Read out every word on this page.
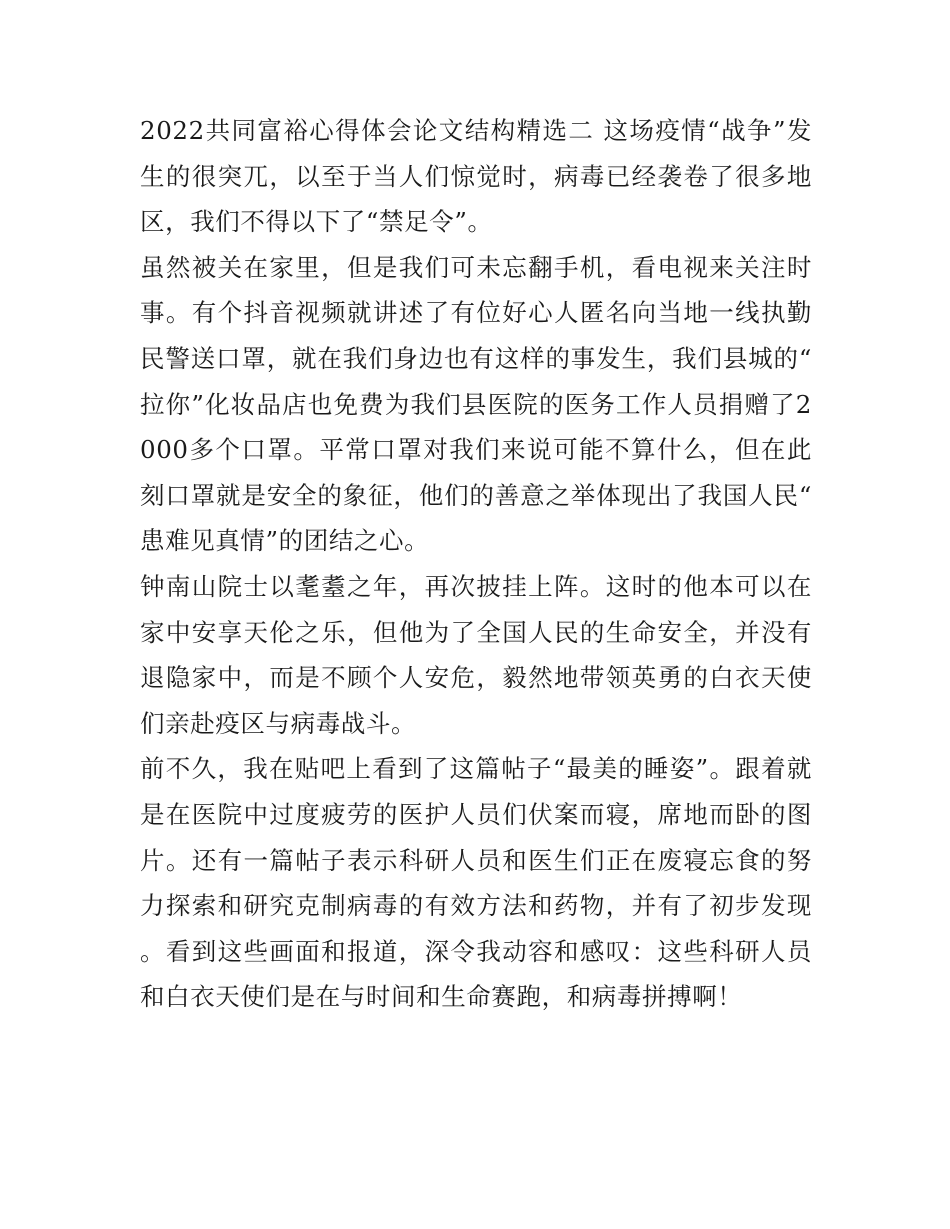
2022共同富裕心得体会论文结构精选二 这场疫情“战争”发生的很突兀，以至于当人们惊觉时，病毒已经袭卷了很多地区，我们不得以下了“禁足令”。

虽然被关在家里，但是我们可未忘翻手机，看电视来关注时事。有个抖音视频就讲述了有位好心人匿名向当地一线执勤民警送口罩，就在我们身边也有这样的事发生，我们县城的“拉你”化妆品店也免费为我们县医院的医务工作人员捐赠了2000多个口罩。平常口罩对我们来说可能不算什么，但在此刻口罩就是安全的象征，他们的善意之举体现出了我国人民“患难见真情”的团结之心。

钟南山院士以耄耋之年，再次披挂上阵。这时的他本可以在家中安享天伦之乐，但他为了全国人民的生命安全，并没有退隐家中，而是不顾个人安危，毅然地带领英勇的白衣天使们亲赴疫区与病毒战斗。

前不久，我在贴吧上看到了这篇帖子“最美的睡姿”。跟着就是在医院中过度疲劳的医护人员们伏案而寝，席地而卧的图片。还有一篇帖子表示科研人员和医生们正在废寝忘食的努力探索和研究克制病毒的有效方法和药物，并有了初步发现。看到这些画面和报道，深令我动容和感叹：这些科研人员和白衣天使们是在与时间和生命赛跑，和病毒拼搏啊！
